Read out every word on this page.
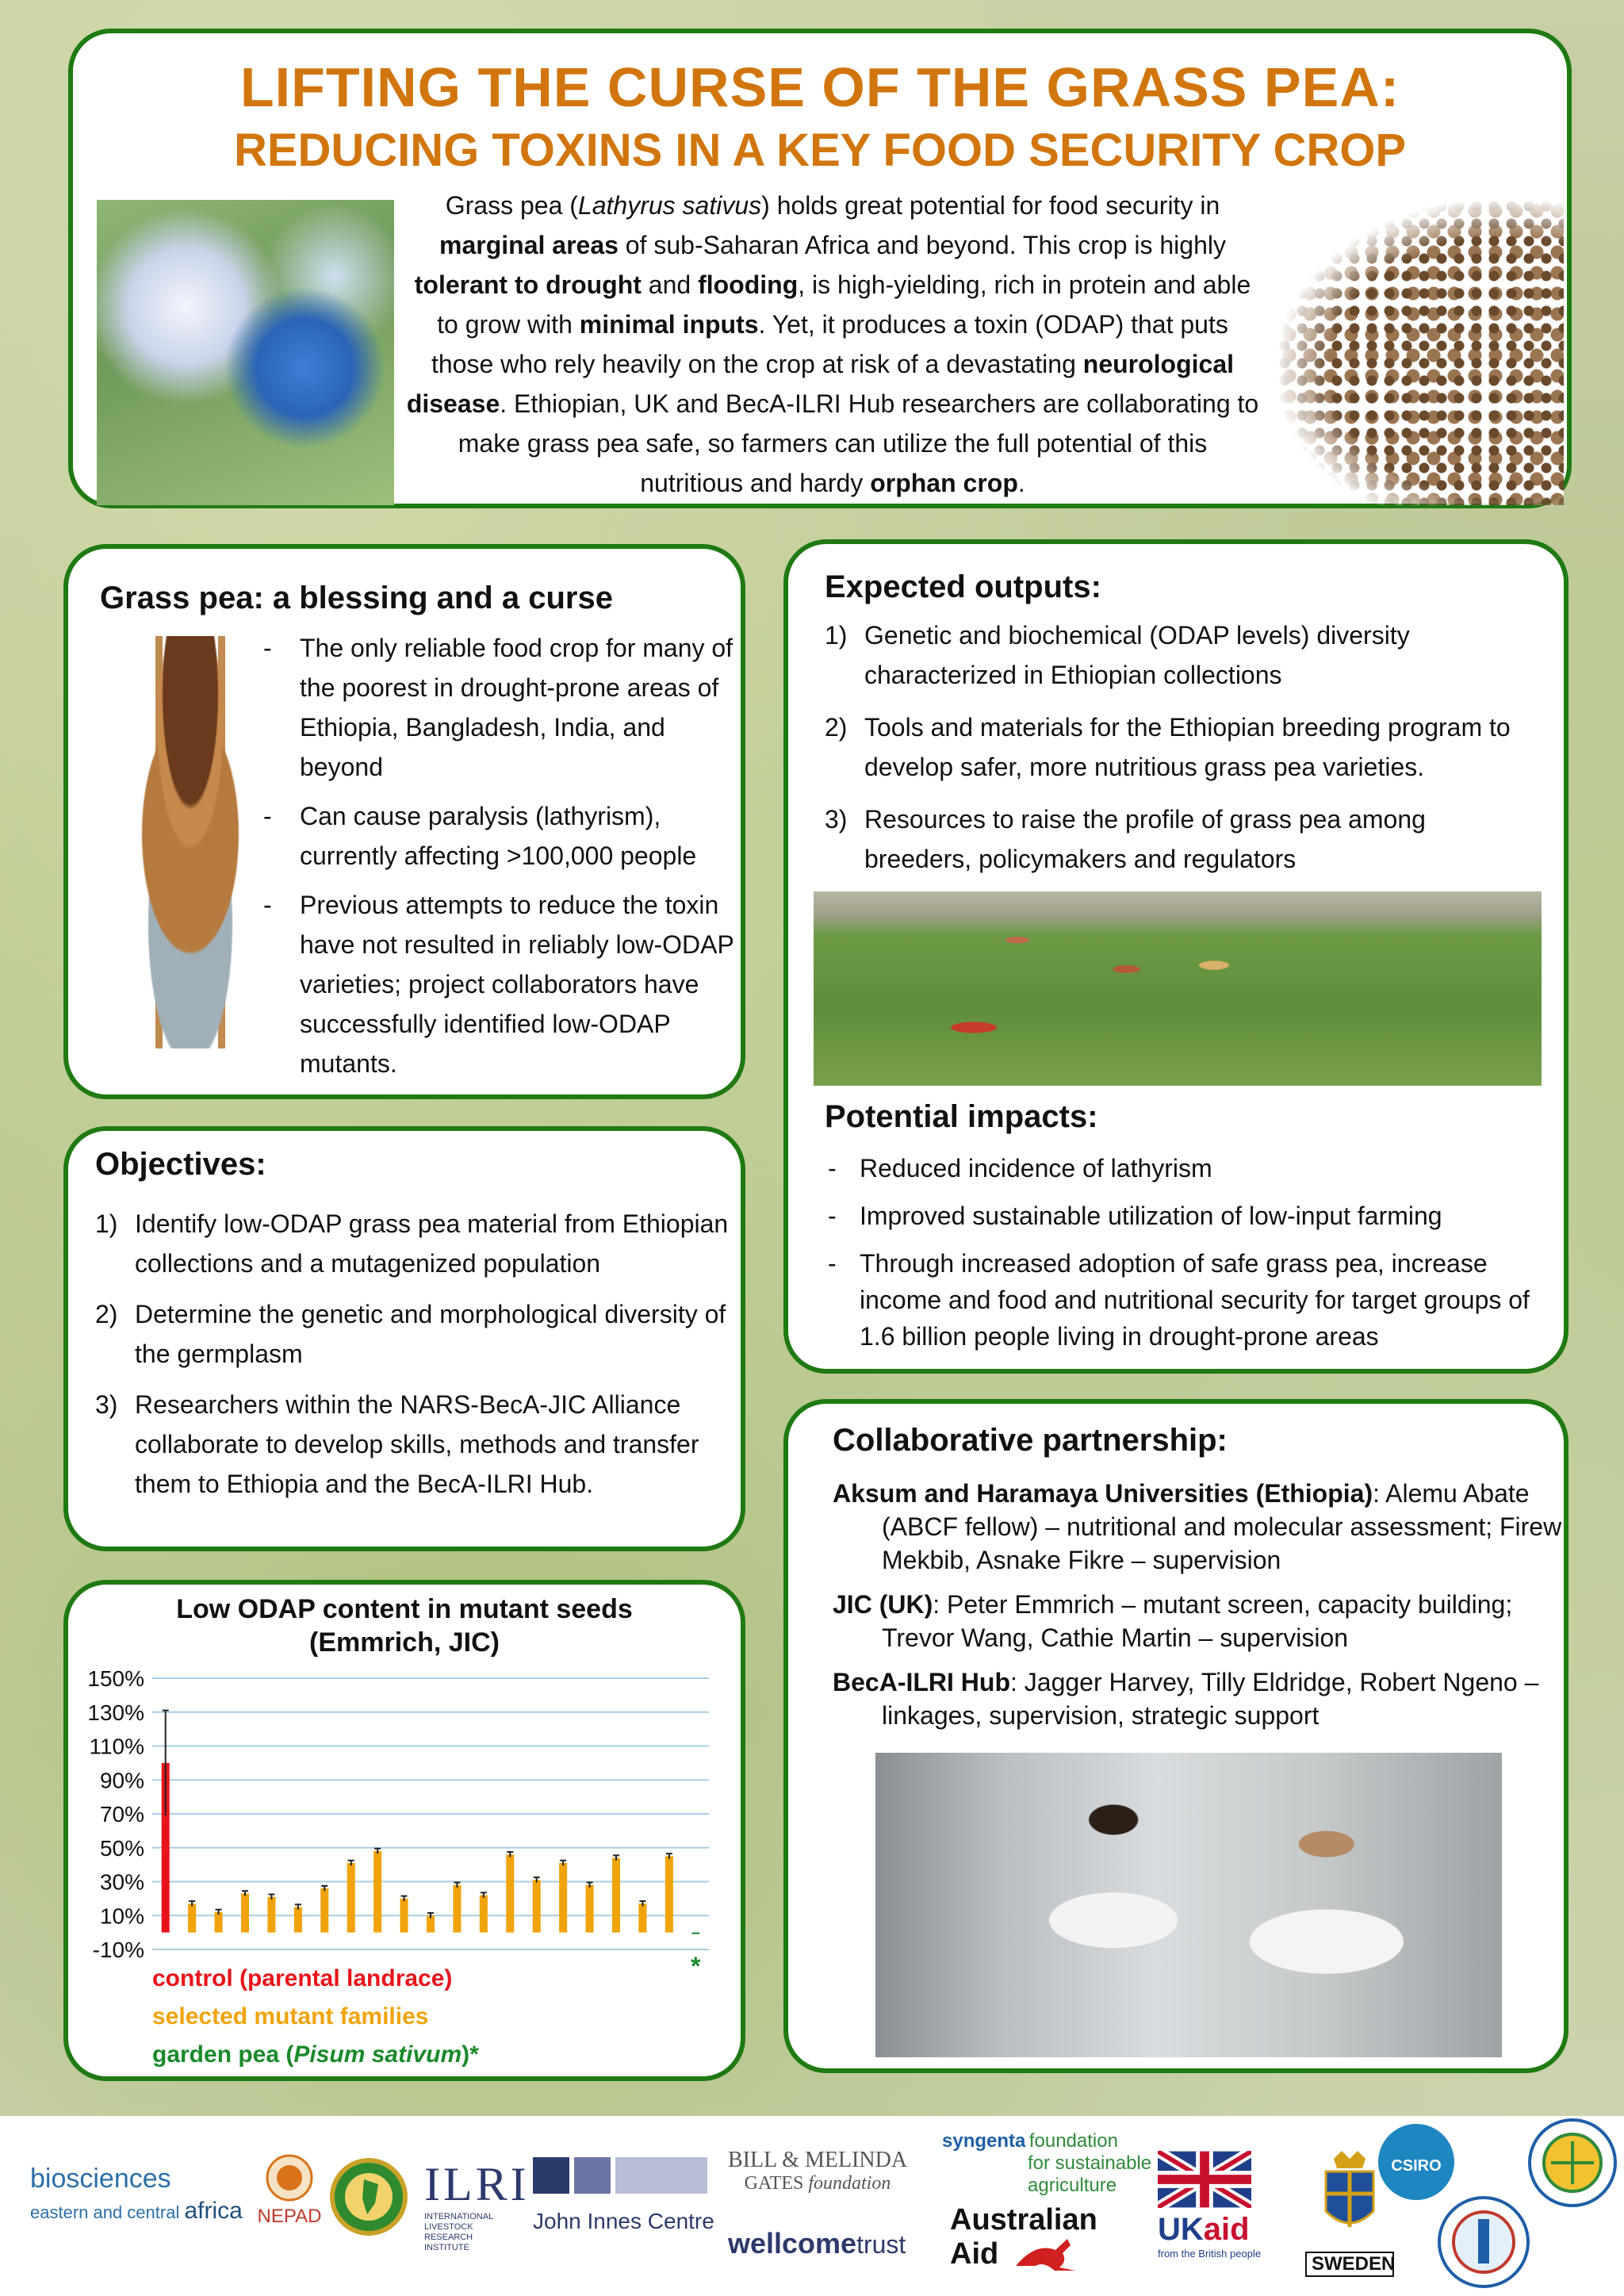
LIFTING THE CURSE OF THE GRASS PEA:
REDUCING TOXINS IN A KEY FOOD SECURITY CROP
Grass pea (Lathyrus sativus) holds great potential for food security in marginal areas of sub-Saharan Africa and beyond. This crop is highly tolerant to drought and flooding, is high-yielding, rich in protein and able to grow with minimal inputs. Yet, it produces a toxin (ODAP) that puts those who rely heavily on the crop at risk of a devastating neurological disease. Ethiopian, UK and BecA-ILRI Hub researchers are collaborating to make grass pea safe, so farmers can utilize the full potential of this nutritious and hardy orphan crop.
Grass pea: a blessing and a curse
- The only reliable food crop for many of the poorest in drought-prone areas of Ethiopia, Bangladesh, India, and beyond
- Can cause paralysis (lathyrism), currently affecting >100,000 people
- Previous attempts to reduce the toxin have not resulted in reliably low-ODAP varieties; project collaborators have successfully identified low-ODAP mutants.
Objectives:
1) Identify low-ODAP grass pea material from Ethiopian collections and a mutagenized population
2) Determine the genetic and morphological diversity of the germplasm
3) Researchers within the NARS-BecA-JIC Alliance collaborate to develop skills, methods and transfer them to Ethiopia and the BecA-ILRI Hub.
Low ODAP content in mutant seeds
(Emmrich, JIC)
-10%
10%
30%
50%
70%
90%
110%
130%
150%
control (parental landrace)
selected mutant families
garden pea (Pisum sativum)*
*
Expected outputs:
1) Genetic and biochemical (ODAP levels) diversity characterized in Ethiopian collections
2) Tools and materials for the Ethiopian breeding program to develop safer, more nutritious grass pea varieties.
3) Resources to raise the profile of grass pea among breeders, policymakers and regulators
Potential impacts:
- Reduced incidence of lathyrism
- Improved sustainable utilization of low-input farming
- Through increased adoption of safe grass pea, increase income and food and nutritional security for target groups of 1.6 billion people living in drought-prone areas
Collaborative partnership:

Aksum and Haramaya Universities (Ethiopia): Alemu Abate (ABCF fellow) – nutritional and molecular assessment; Firew Mekbib, Asnake Fikre – supervision

JIC (UK): Peter Emmrich – mutant screen, capacity building; Trevor Wang, Cathie Martin – supervision

BecA-ILRI Hub: Jagger Harvey, Tilly Eldridge, Robert Ngeno – linkages, supervision, strategic support

biosciences
eastern and central africa NEPAD
ILRI
INTERNATIONAL LIVESTOCK RESEARCH INSTITUTE
John Innes Centre
BILL & MELINDA
GATES foundation
wellcometrust
syngenta foundation
for sustainable
agriculture
Australian
Aid
UKaid
from the British people	SWEDEN
CSIRO
